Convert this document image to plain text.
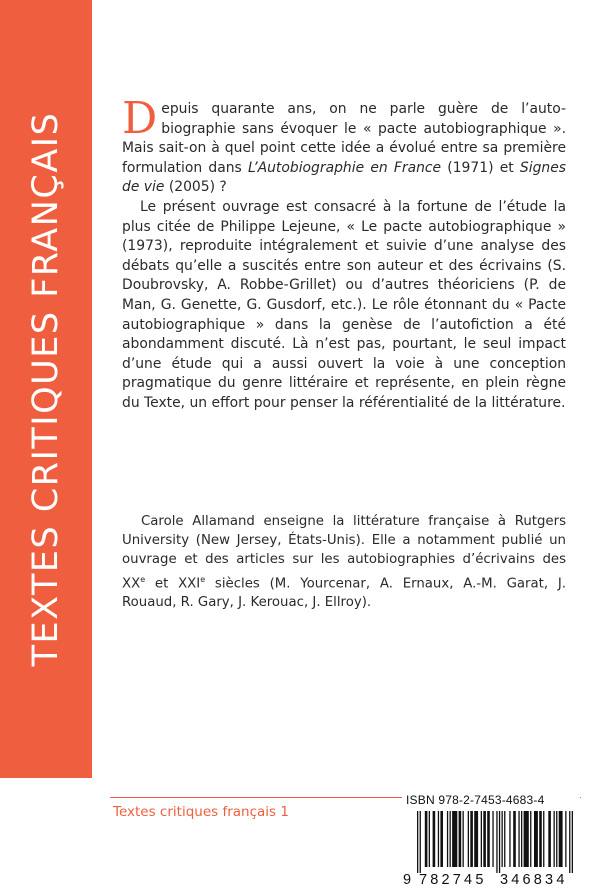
TEXTES CRITIQUES FRANÇAIS Depuis quarante ans, on ne parle guère de l’auto-biographie sans évoquer le « pacte autobiographique ». Mais sait-on à quel point cette idée a évolué entre sa première formulation dans L’Autobiographie en France (1971) et Signes de vie (2005) ?

Le présent ouvrage est consacré à la fortune de l’étude la plus citée de Philippe Lejeune, « Le pacte autobiographique » (1973), reproduite intégralement et suivie d’une analyse des débats qu’elle a suscités entre son auteur et des écrivains (S. Doubrovsky, A. Robbe-Grillet) ou d’autres théoriciens (P. de Man, G. Genette, G. Gusdorf, etc.). Le rôle étonnant du « Pacte autobiographique » dans la genèse de l’autofiction a été abondamment discuté. Là n’est pas, pourtant, le seul impact d’une étude qui a aussi ouvert la voie à une conception pragmatique du genre littéraire et représente, en plein règne du Texte, un effort pour penser la référentialité de la littérature.

Carole Allamand enseigne la littérature française à Rutgers University (New Jersey, États-Unis). Elle a notamment publié un ouvrage et des articles sur les autobiographies d’écrivains des XXe et XXIe siècles (M. Yourcenar, A. Ernaux, A.-M. Garat, J. Rouaud, R. Gary, J. Kerouac, J. Ellroy).
Textes critiques français 1
ISBN 978-2-7453-4683-4
9 782745 346834
